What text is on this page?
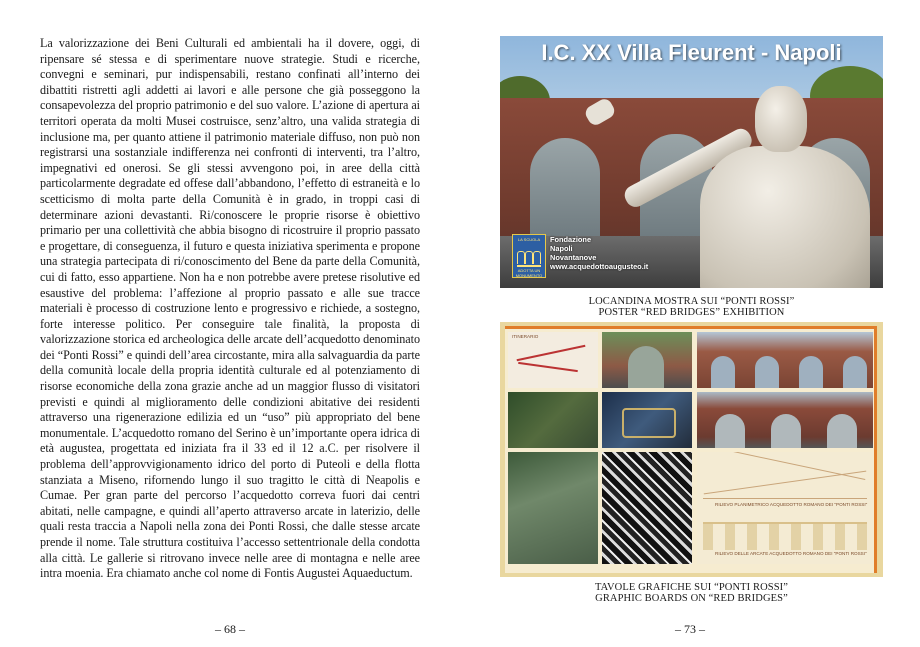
La valorizzazione dei Beni Culturali ed ambientali ha il dovere, oggi, di ripensare sé stessa e di sperimentare nuove strategie. Studi e ricerche, convegni e seminari, pur indispensabili, restano confinati all’interno dei dibattiti ristretti agli addetti ai lavori e alle persone che già posseggono la consapevolezza del proprio patrimonio e del suo valore. L’azione di apertura ai territori operata da molti Musei costruisce, senz’altro, una valida strategia di inclusione ma, per quanto attiene il patrimonio materiale diffuso, non può non registrarsi una sostanziale indifferenza nei confronti di interventi, tra l’altro, impegnativi ed onerosi. Se gli stessi avvengono poi, in aree della città particolarmente degradate ed offese dall’abbandono, l’effetto di estraneità e lo scetticismo di molta parte della Comunità è in grado, in troppi casi di determinare azioni devastanti. Ri/conoscere le proprie risorse è obiettivo primario per una collettività che abbia bisogno di ricostruire il proprio passato e progettare, di conseguenza, il futuro e questa iniziativa sperimenta e propone una strategia partecipata di ri/conoscimento del Bene da parte della Comunità, cui di fatto, esso appartiene. Non ha e non potrebbe avere pretese risolutive ed esaustive del problema: l’affezione al proprio passato e alle sue tracce materiali è processo di costruzione lento e progressivo e richiede, a sostegno, forte interesse politico. Per conseguire tale finalità, la proposta di valorizzazione storica ed archeologica delle arcate dell’acquedotto denominato dei “Ponti Rossi” e quindi dell’area circostante, mira alla salvaguardia da parte della comunità locale della propria identità culturale ed al potenziamento di risorse economiche della zona grazie anche ad un maggior flusso di visitatori previsti e quindi al miglioramento delle condizioni abitative dei residenti attraverso una rigenerazione edilizia ed un “uso” più appropriato del bene monumentale. L’acquedotto romano del Serino è un’importante opera idrica di età augustea, progettata ed iniziata fra il 33 ed il 12 a.C. per risolvere il problema dell’approvvigionamento idrico del porto di Puteoli e della flotta stanziata a Miseno, rifornendo lungo il suo tragitto le città di Neapolis e Cumae. Per gran parte del percorso l’acquedotto correva fuori dai centri abitati, nelle campagne, e quindi all’aperto attraverso arcate in laterizio, delle quali resta traccia a Napoli nella zona dei Ponti Rossi, che dalle stesse arcate prende il nome. Tale struttura costituiva l’accesso settentrionale della condotta alla città. Le gallerie si ritrovano invece nelle aree di montagna e nelle aree intra moenia. Era chiamato anche col nome di Fontis Augustei Aquaeductum.
– 68 –
I.C. XX Villa Fleurent - Napoli
LA SCUOLA
ADOTTA UN MONUMENTO
Fondazione
Napoli
Novantanove
www.acquedottoaugusteo.it
LOCANDINA MOSTRA SUI “PONTI ROSSI”
POSTER “RED BRIDGES” EXHIBITION
ITINERARIO
RILIEVO PLANIMETRICO ACQUEDOTTO ROMANO DEI "PONTI ROSSI"
RILIEVO DELLE ARCATE ACQUEDOTTO ROMANO DEI "PONTI ROSSI"
TAVOLE GRAFICHE SUI “PONTI ROSSI”
GRAPHIC BOARDS ON “RED BRIDGES”
– 73 –
